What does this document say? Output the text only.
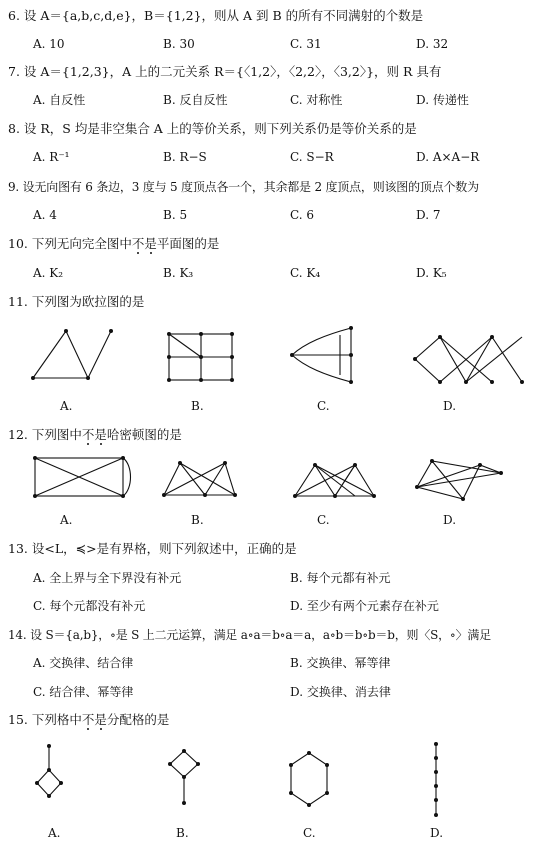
6. 设 A＝{a,b,c,d,e}，B＝{1,2}，则从 A 到 B 的所有不同满射的个数是
A. 10	B. 30	C. 31	D. 32
7. 设 A＝{1,2,3}，A 上的二元关系 R＝{〈1,2〉，〈2,2〉，〈3,2〉}，则 R 具有
A. 自反性	B. 反自反性	C. 对称性	D. 传递性
8. 设 R，S 均是非空集合 A 上的等价关系，则下列关系仍是等价关系的是
A. R⁻¹	B. R−S	C. S−R	D. A×A−R
9. 设无向图有 6 条边，3 度与 5 度顶点各一个，其余都是 2 度顶点，则该图的顶点个数为
A. 4	B. 5	C. 6	D. 7
10. 下列无向完全图中不是平面图的是
A. K₂	B. K₃	C. K₄	D. K₅
11. 下列图为欧拉图的是
A.	B.	C.	D.
12. 下列图中不是哈密顿图的是
A.	B.	C.	D.
13. 设<L，≼>是有界格，则下列叙述中，正确的是
A. 全上界与全下界没有补元	B. 每个元都有补元
C. 每个元都没有补元	D. 至少有两个元素存在补元
14. 设 S＝{a,b}，∘是 S 上二元运算，满足 a∘a＝b∘a＝a，a∘b＝b∘b＝b，则〈S，∘〉满足
A. 交换律、结合律	B. 交换律、幂等律
C. 结合律、幂等律	D. 交换律、消去律
15. 下列格中不是分配格的是
A.	B.	C.	D.
